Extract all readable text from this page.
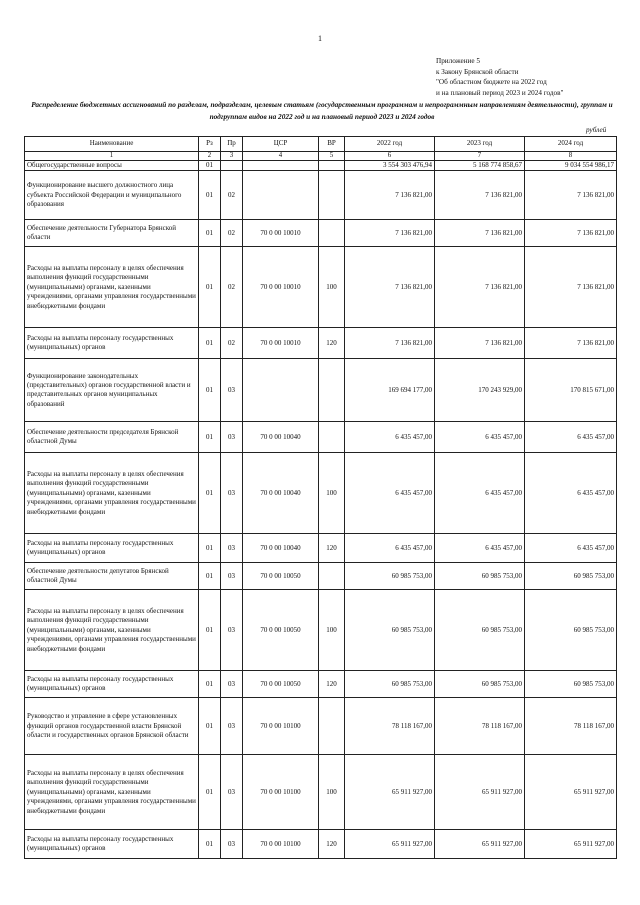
1
Приложение 5
к Закону Брянской области
"Об областном бюджете на 2022 год
и на плановый период 2023 и 2024 годов"
Распределение бюджетных ассигнований по разделам, подразделам, целевым статьям (государственным программам и непрограммным направлениям деятельности), группам и подгруппам видов на 2022 год и на плановый период 2023 и 2024 годов
рублей
Наименование	Рз	Пр	ЦСР	ВР	2022 год	2023 год	2024 год
1	2	3	4	5	6	7	8
Общегосударственные вопросы	01				3 554 303 476,94	5 168 774 858,67	9 034 554 986,17
Функционирование высшего должностного лица субъекта Российской Федерации и муниципального образования	01	02			7 136 821,00	7 136 821,00	7 136 821,00
Обеспечение деятельности Губернатора Брянской области	01	02	70 0 00 10010		7 136 821,00	7 136 821,00	7 136 821,00
Расходы на выплаты персоналу в целях обеспечения выполнения функций государственными (муниципальными) органами, казенными учреждениями, органами управления государственными внебюджетными фондами	01	02	70 0 00 10010	100	7 136 821,00	7 136 821,00	7 136 821,00
Расходы на выплаты персоналу государственных (муниципальных) органов	01	02	70 0 00 10010	120	7 136 821,00	7 136 821,00	7 136 821,00
Функционирование законодательных (представительных) органов государственной власти и представительных органов муниципальных образований	01	03			169 694 177,00	170 243 929,00	170 815 671,00
Обеспечение деятельности председателя Брянской областной Думы	01	03	70 0 00 10040		6 435 457,00	6 435 457,00	6 435 457,00
Расходы на выплаты персоналу в целях обеспечения выполнения функций государственными (муниципальными) органами, казенными учреждениями, органами управления государственными внебюджетными фондами	01	03	70 0 00 10040	100	6 435 457,00	6 435 457,00	6 435 457,00
Расходы на выплаты персоналу государственных (муниципальных) органов	01	03	70 0 00 10040	120	6 435 457,00	6 435 457,00	6 435 457,00
Обеспечение деятельности депутатов Брянской областной Думы	01	03	70 0 00 10050		60 985 753,00	60 985 753,00	60 985 753,00
Расходы на выплаты персоналу в целях обеспечения выполнения функций государственными (муниципальными) органами, казенными учреждениями, органами управления государственными внебюджетными фондами	01	03	70 0 00 10050	100	60 985 753,00	60 985 753,00	60 985 753,00
Расходы на выплаты персоналу государственных (муниципальных) органов	01	03	70 0 00 10050	120	60 985 753,00	60 985 753,00	60 985 753,00
Руководство и управление в сфере установленных функций органов государственной власти Брянской области и государственных органов Брянской области	01	03	70 0 00 10100		78 118 167,00	78 118 167,00	78 118 167,00
Расходы на выплаты персоналу в целях обеспечения выполнения функций государственными (муниципальными) органами, казенными учреждениями, органами управления государственными внебюджетными фондами	01	03	70 0 00 10100	100	65 911 927,00	65 911 927,00	65 911 927,00
Расходы на выплаты персоналу государственных (муниципальных) органов	01	03	70 0 00 10100	120	65 911 927,00	65 911 927,00	65 911 927,00
